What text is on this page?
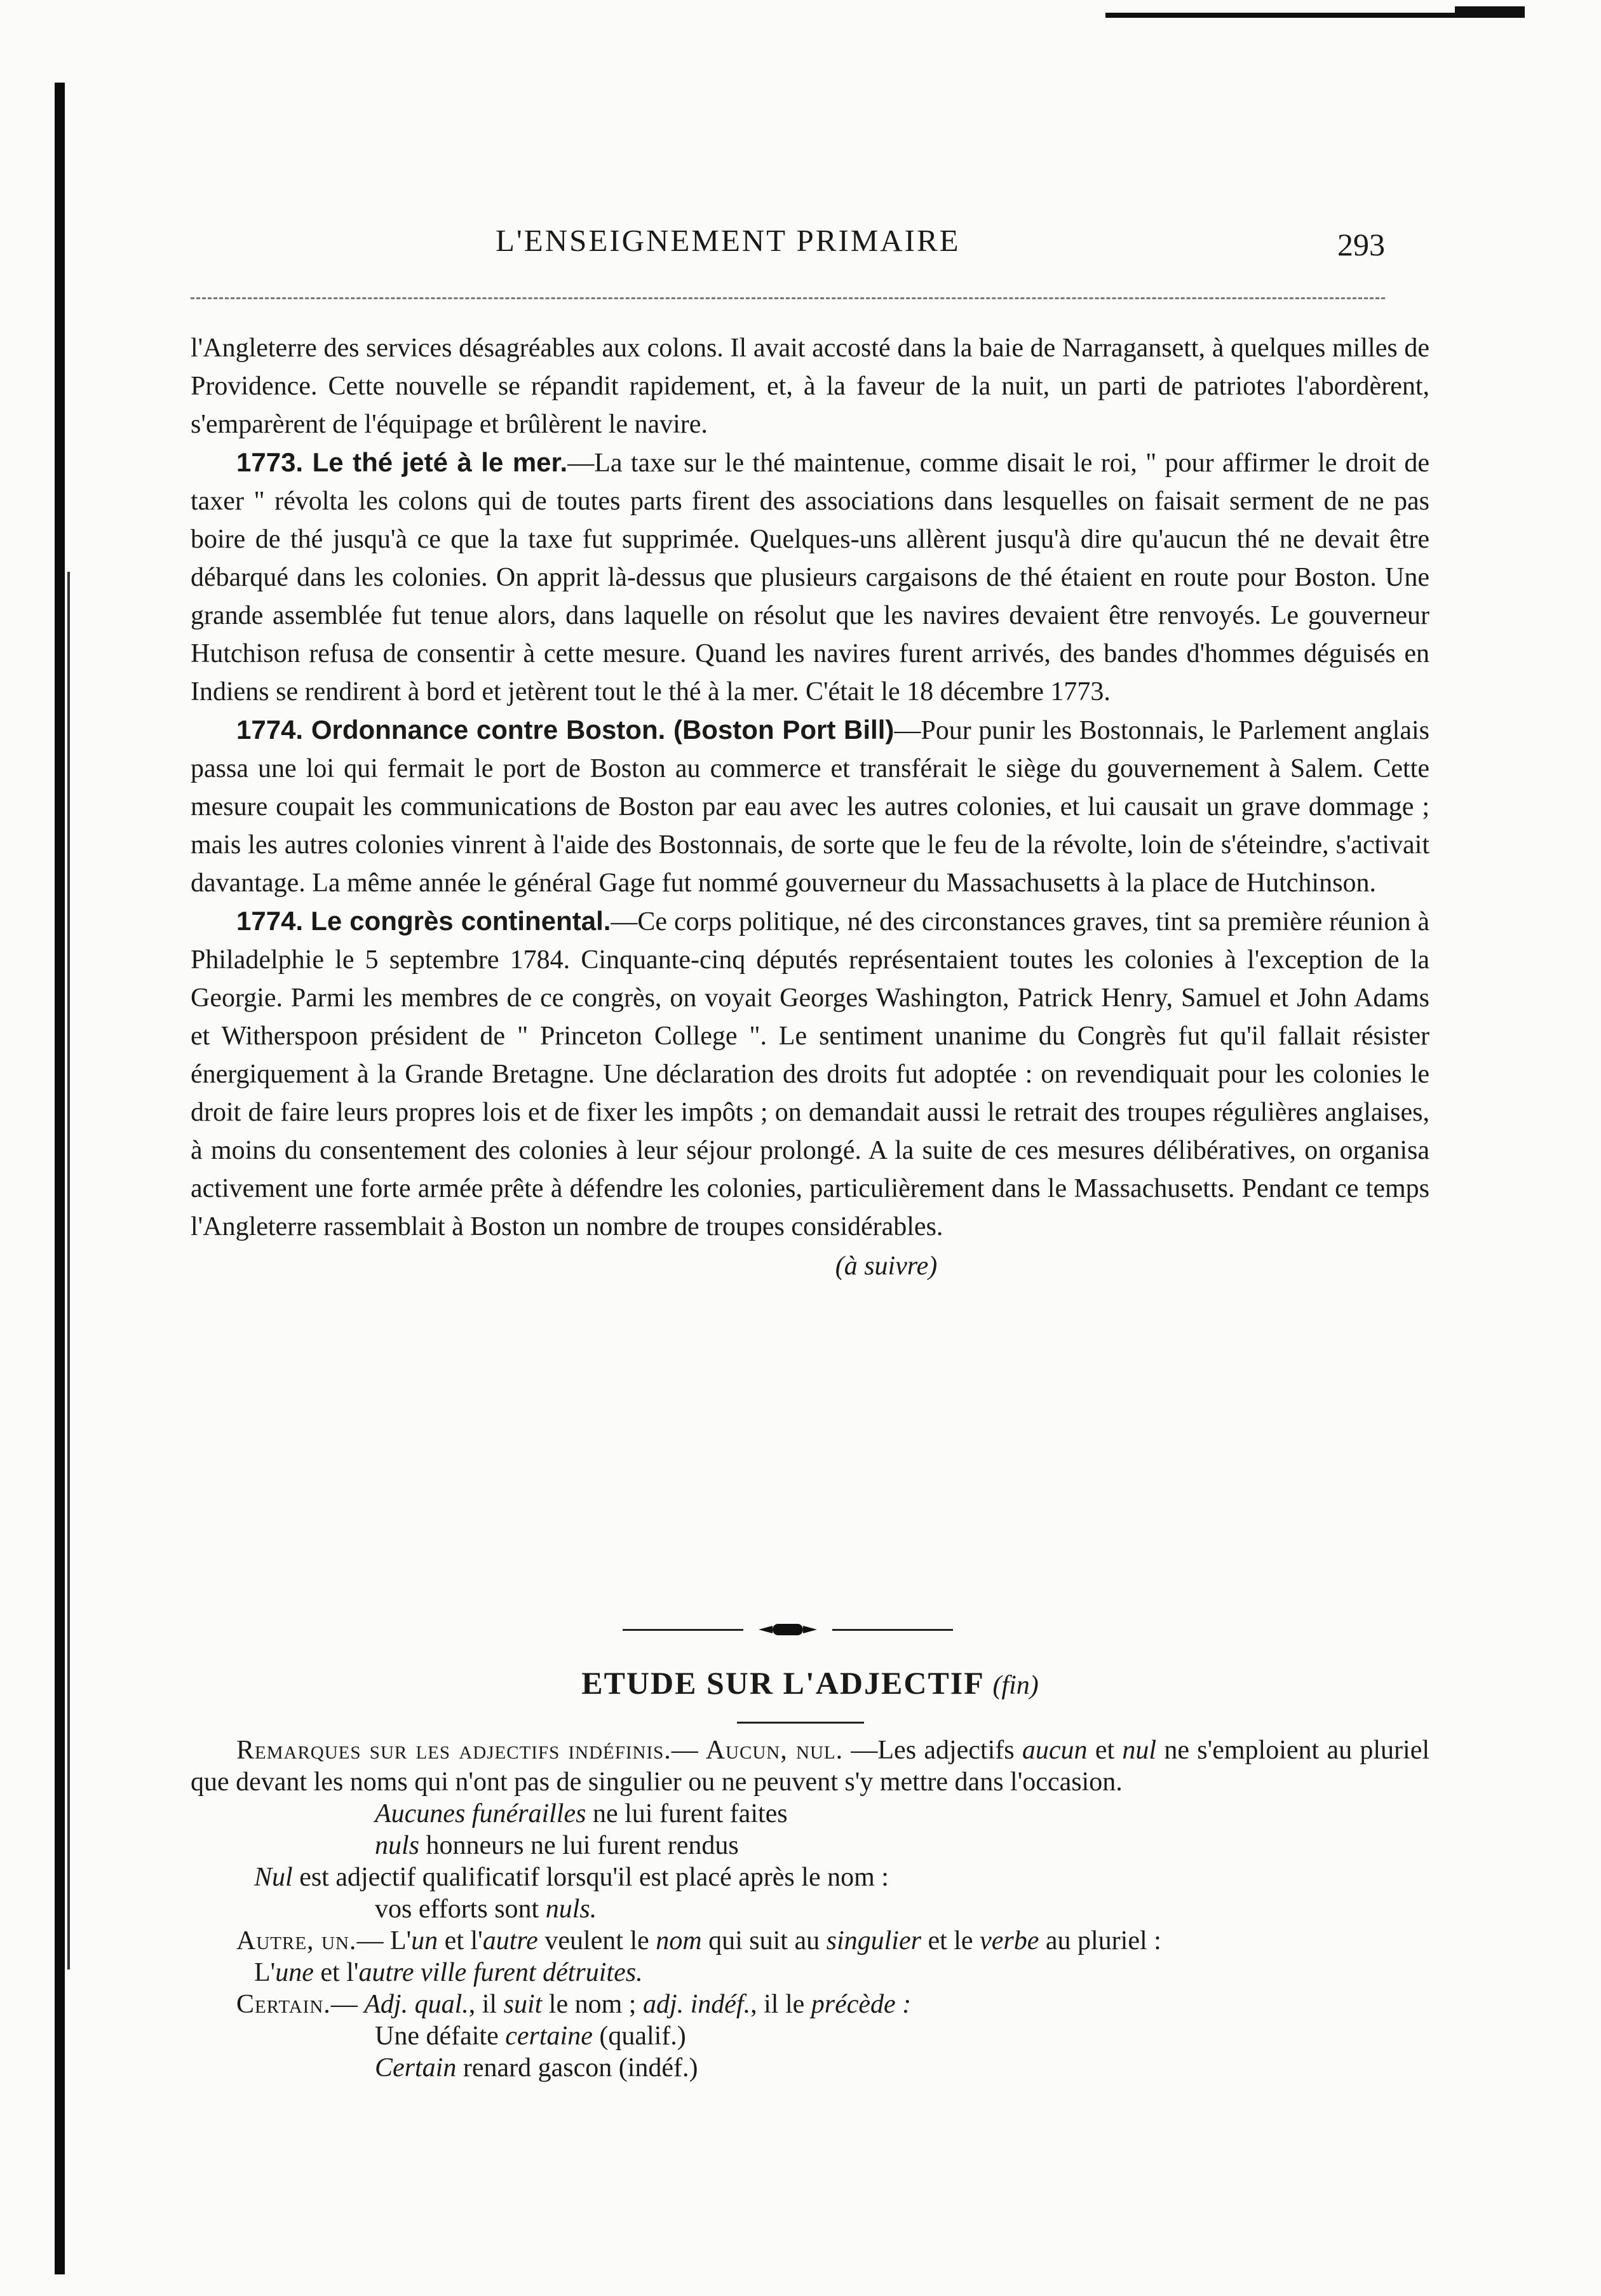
L'ENSEIGNEMENT PRIMAIRE	293

l'Angleterre des services désagréables aux colons. Il avait accosté dans la baie de Narragansett, à quelques milles de Providence. Cette nouvelle se répandit rapidement, et, à la faveur de la nuit, un parti de patriotes l'abordèrent, s'emparèrent de l'équipage et brûlèrent le navire.

1773. Le thé jeté à le mer.—La taxe sur le thé maintenue, comme disait le roi, " pour affirmer le droit de taxer " révolta les colons qui de toutes parts firent des associations dans lesquelles on faisait serment de ne pas boire de thé jusqu'à ce que la taxe fut supprimée. Quelques-uns allèrent jusqu'à dire qu'aucun thé ne devait être débarqué dans les colonies. On apprit là-dessus que plusieurs cargaisons de thé étaient en route pour Boston. Une grande assemblée fut tenue alors, dans laquelle on résolut que les navires devaient être renvoyés. Le gouverneur Hutchison refusa de consentir à cette mesure. Quand les navires furent arrivés, des bandes d'hommes déguisés en Indiens se rendirent à bord et jetèrent tout le thé à la mer. C'était le 18 décembre 1773.

1774. Ordonnance contre Boston. (Boston Port Bill)—Pour punir les Bostonnais, le Parlement anglais passa une loi qui fermait le port de Boston au commerce et transférait le siège du gouvernement à Salem. Cette mesure coupait les communications de Boston par eau avec les autres colonies, et lui causait un grave dommage ; mais les autres colonies vinrent à l'aide des Bostonnais, de sorte que le feu de la révolte, loin de s'éteindre, s'activait davantage. La même année le général Gage fut nommé gouverneur du Massachusetts à la place de Hutchinson.

1774. Le congrès continental.—Ce corps politique, né des circonstances graves, tint sa première réunion à Philadelphie le 5 septembre 1784. Cinquante-cinq députés représentaient toutes les colonies à l'exception de la Georgie. Parmi les membres de ce congrès, on voyait Georges Washington, Patrick Henry, Samuel et John Adams et Witherspoon président de " Princeton College ". Le sentiment unanime du Congrès fut qu'il fallait résister énergiquement à la Grande Bretagne. Une déclaration des droits fut adoptée : on revendiquait pour les colonies le droit de faire leurs propres lois et de fixer les impôts ; on demandait aussi le retrait des troupes régulières anglaises, à moins du consentement des colonies à leur séjour prolongé. A la suite de ces mesures délibératives, on organisa activement une forte armée prête à défendre les colonies, particulièrement dans le Massachusetts. Pendant ce temps l'Angleterre rassemblait à Boston un nombre de troupes considérables.

(à suivre)

ETUDE SUR L'ADJECTIF (fin)

Remarques sur les adjectifs indéfinis.— Aucun, nul. —Les adjectifs aucun et nul ne s'emploient au pluriel que devant les noms qui n'ont pas de singulier ou ne peuvent s'y mettre dans l'occasion.

Aucunes funérailles ne lui furent faites

nuls honneurs ne lui furent rendus

Nul est adjectif qualificatif lorsqu'il est placé après le nom :

vos efforts sont nuls.

Autre, un.— L'un et l'autre veulent le nom qui suit au singulier et le verbe au pluriel :

L'une et l'autre ville furent détruites.

Certain.— Adj. qual., il suit le nom ; adj. indéf., il le précède :

Une défaite certaine (qualif.)

Certain renard gascon (indéf.)
